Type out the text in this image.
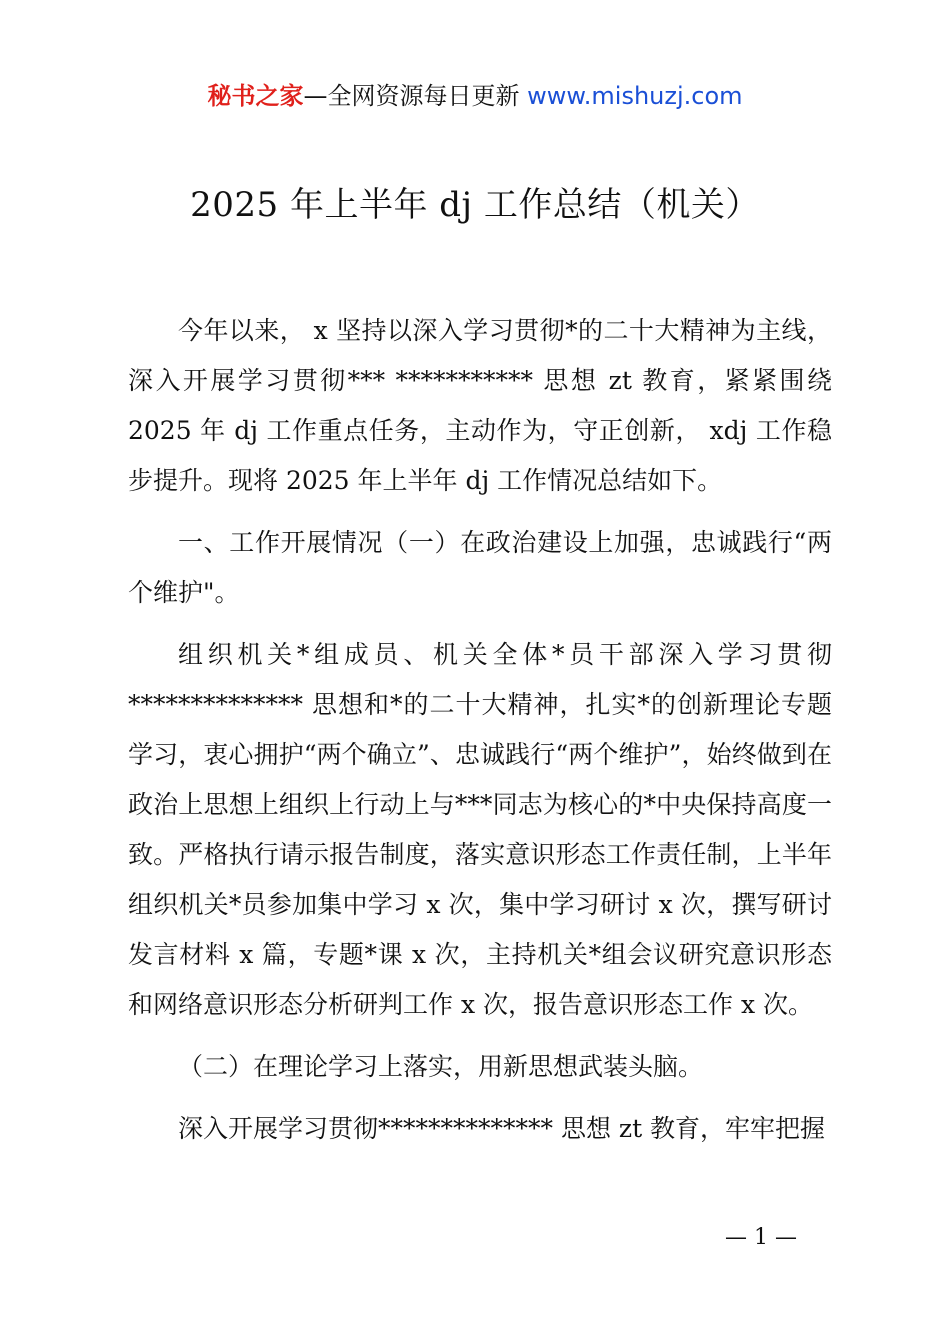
秘书之家—全网资源每日更新 www.mishuzj.com
2025 年上半年 dj 工作总结（机关）

今年以来， x 坚持以深入学习贯彻*的二十大精神为主线，深入开展学习贯彻*** *********** 思想 zt 教育，紧紧围绕 2025 年 dj 工作重点任务，主动作为，守正创新， xdj 工作稳步提升。现将 2025 年上半年 dj 工作情况总结如下。

一、工作开展情况（一）在政治建设上加强，忠诚践行“两个维护"。

组织机关*组成员、机关全体*员干部深入学习贯彻************** 思想和*的二十大精神，扎实*的创新理论专题学习，衷心拥护“两个确立”、忠诚践行“两个维护”，始终做到在政治上思想上组织上行动上与***同志为核心的*中央保持高度一致。严格执行请示报告制度，落实意识形态工作责任制，上半年组织机关*员参加集中学习 x 次，集中学习研讨 x 次，撰写研讨发言材料 x 篇，专题*课 x 次，主持机关*组会议研究意识形态和网络意识形态分析研判工作 x 次，报告意识形态工作 x 次。

（二）在理论学习上落实，用新思想武装头脑。

深入开展学习贯彻************** 思想 zt 教育，牢牢把握

— 1 —
